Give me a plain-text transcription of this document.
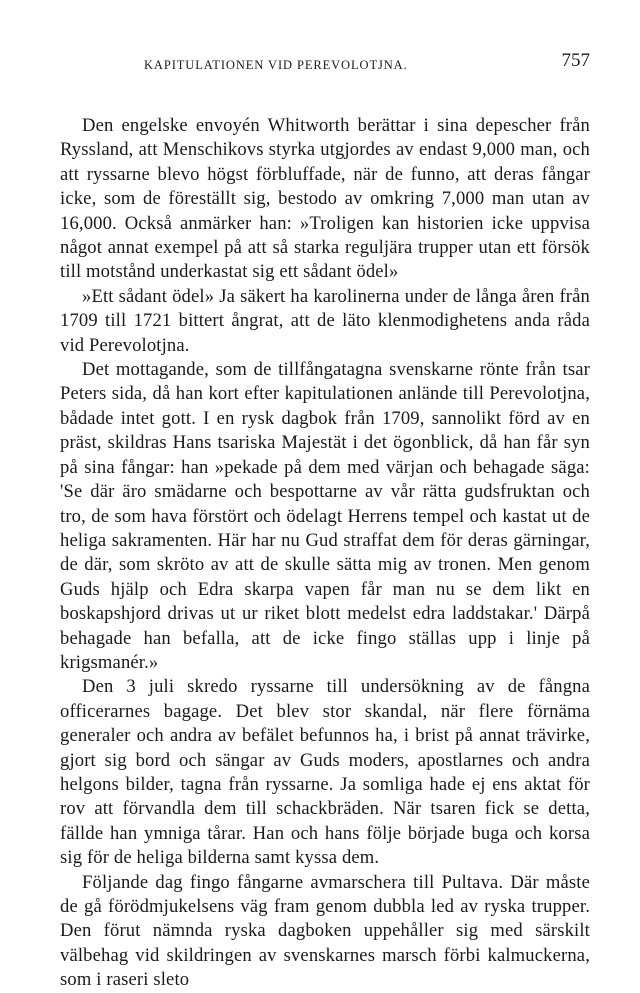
KAPITULATIONEN VID PEREVOLOTJNA.	757

Den engelske envoyén Whitworth berättar i sina depescher från Ryssland, att Menschikovs styrka utgjordes av endast 9,000 man, och att ryssarne blevo högst förbluffade, när de funno, att deras fångar icke, som de föreställt sig, bestodo av omkring 7,000 man utan av 16,000. Också anmärker han: »Troligen kan historien icke uppvisa något annat exempel på att så starka reguljära trupper utan ett försök till motstånd underkastat sig ett sådant ödel»

»Ett sådant ödel» Ja säkert ha karolinerna under de långa åren från 1709 till 1721 bittert ångrat, att de läto klenmodighetens anda råda vid Perevolotjna.

Det mottagande, som de tillfångatagna svenskarne rönte från tsar Peters sida, då han kort efter kapitulationen anlände till Perevolotjna, bådade intet gott. I en rysk dagbok från 1709, sannolikt förd av en präst, skildras Hans tsariska Majestät i det ögonblick, då han får syn på sina fångar: han »pekade på dem med värjan och behagade säga: 'Se där äro smädarne och bespottarne av vår rätta gudsfruktan och tro, de som hava förstört och ödelagt Herrens tempel och kastat ut de heliga sakramenten. Här har nu Gud straffat dem för deras gärningar, de där, som skröto av att de skulle sätta mig av tronen. Men genom Guds hjälp och Edra skarpa vapen får man nu se dem likt en boskapshjord drivas ut ur riket blott medelst edra laddstakar.' Därpå behagade han befalla, att de icke fingo ställas upp i linje på krigsmanér.»

Den 3 juli skredo ryssarne till undersökning av de fångna officerarnes bagage. Det blev stor skandal, när flere förnäma generaler och andra av befälet befunnos ha, i brist på annat trävirke, gjort sig bord och sängar av Guds moders, apostlarnes och andra helgons bilder, tagna från ryssarne. Ja somliga hade ej ens aktat för rov att förvandla dem till schackbräden. När tsaren fick se detta, fällde han ymniga tårar. Han och hans följe började buga och korsa sig för de heliga bilderna samt kyssa dem.

Följande dag fingo fångarne avmarschera till Pultava. Där måste de gå förödmjukelsens väg fram genom dubbla led av ryska trupper. Den förut nämnda ryska dagboken uppehåller sig med särskilt välbehag vid skildringen av svenskarnes marsch förbi kalmuckerna, som i raseri sleto
